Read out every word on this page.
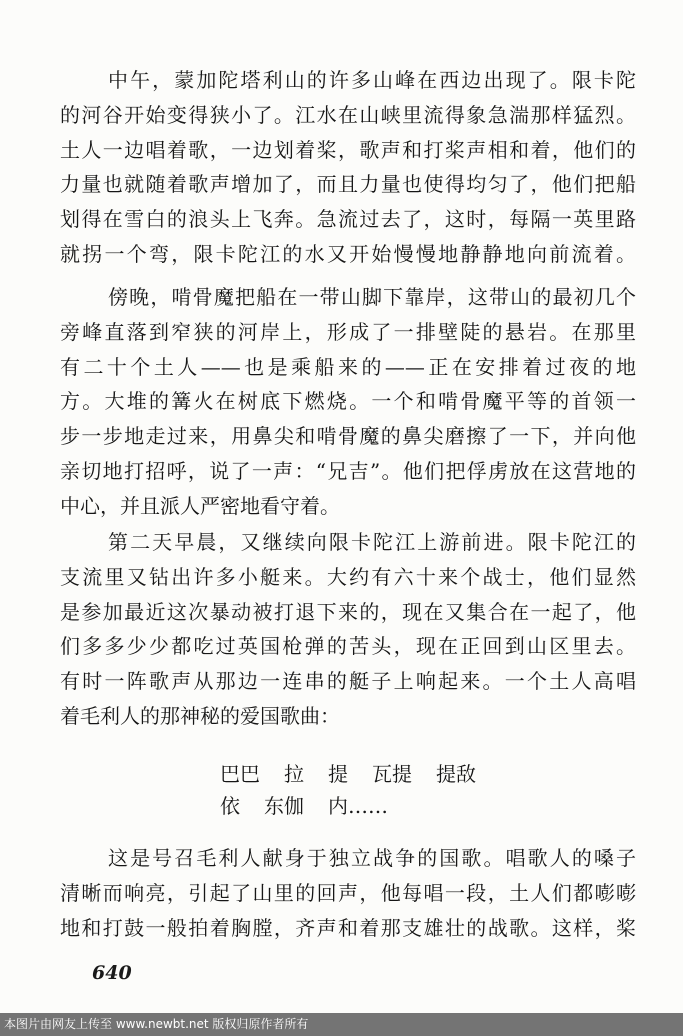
中午，蒙加陀塔利山的许多山峰在西边出现了。限卡陀
的河谷开始变得狭小了。江水在山峡里流得象急湍那样猛烈。
土人一边唱着歌，一边划着桨，歌声和打桨声相和着，他们的
力量也就随着歌声增加了，而且力量也使得均匀了，他们把船
划得在雪白的浪头上飞奔。急流过去了，这时，每隔一英里路
就拐一个弯，限卡陀江的水又开始慢慢地静静地向前流着。
傍晚，啃骨魔把船在一带山脚下靠岸，这带山的最初几个
旁峰直落到窄狭的河岸上，形成了一排壁陡的悬岩。在那里
有二十个土人——也是乘船来的——正在安排着过夜的地
方。大堆的篝火在树底下燃烧。一个和啃骨魔平等的首领一
步一步地走过来，用鼻尖和啃骨魔的鼻尖磨擦了一下，并向他
亲切地打招呼，说了一声：“兄吉”。他们把俘虏放在这营地的
中心，并且派人严密地看守着。
第二天早晨，又继续向限卡陀江上游前进。限卡陀江的
支流里又钻出许多小艇来。大约有六十来个战士，他们显然
是参加最近这次暴动被打退下来的，现在又集合在一起了，他
们多多少少都吃过英国枪弹的苦头，现在正回到山区里去。
有时一阵歌声从那边一连串的艇子上响起来。一个土人高唱
着毛利人的那神秘的爱国歌曲：
巴巴 拉 提 瓦提 提敌
依 东伽 内……
这是号召毛利人献身于独立战争的国歌。唱歌人的嗓子
清晰而响亮，引起了山里的回声，他每唱一段，土人们都嘭嘭
地和打鼓一般拍着胸膛，齐声和着那支雄壮的战歌。这样，桨
640
本图片由网友上传至 www.newbt.net 版权归原作者所有
